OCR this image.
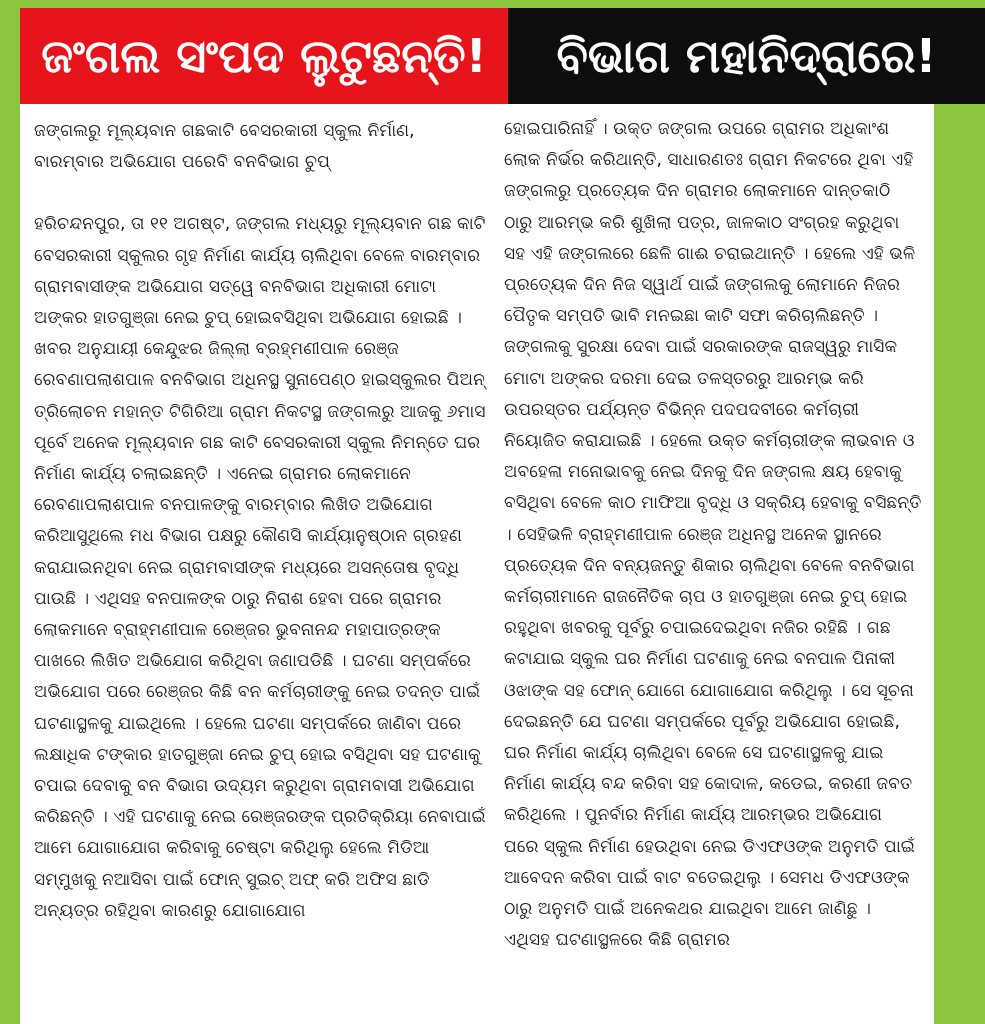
ଜଂଗଲ ସଂପଦ ଲୁଟୁଛନ୍ତି!	ବିଭାଗ ମହାନିଦ୍ରାରେ!

ଜଙ୍ଗଲରୁ ମୂଲ୍ୟବାନ ଗଛକାଟି ବେସରକାରୀ ସ୍କୁଲ ନିର୍ମାଣ, ବାରମ୍ବାର ଅଭିଯୋଗ ପରେବି ବନବିଭାଗ ଚୁପ୍

ହରିଚନ୍ଦନପୁର, ତା ୧୧ ଅଗଷ୍ଟ, ଜଙ୍ଗଲ ମଧ୍ୟରୁ ମୂଲ୍ୟବାନ ଗଛ କାଟି ବେସରକାରୀ ସ୍କୁଲର ଗୃହ ନିର୍ମାଣ କାର୍ଯ୍ୟ ଚାଲିଥିବା ବେଳେ ବାରମ୍ବାର ଗ୍ରାମବାସୀଙ୍କ ଅଭିଯୋଗ ସତ୍ୱେ ବନବିଭାଗ ଅଧିକାରୀ ମୋଟା ଅଙ୍କର ହାତଗୁଞ୍ଜା ନେଇ ଚୁପ୍ ହୋଇବସିଥିବା ଅଭିଯୋଗ ହୋଇଛି । ଖବର ଅନୁଯାୟୀ କେନ୍ଦୁଝର ଜିଲ୍ଲା ବ୍ରହ୍ମଣୀପାଳ ରେଞ୍ଜ ରେବଣାପଲାଶପାଳ ବନବିଭାଗ ଅଧିନସ୍ଥ ସୁନାପେଣ୍ଠ ହାଇସ୍କୁଲର ପିଅନ୍ ତ୍ରିଲୋଚନ ମହାନ୍ତ ଟିଗିରିଆ ଗ୍ରାମ ନିକଟସ୍ଥ ଜଙ୍ଗଲରୁ ଆଜକୁ ୬ମାସ ପୂର୍ବେ ଅନେକ ମୂଲ୍ୟବାନ ଗଛ କାଟି ବେସରକାରୀ ସ୍କୁଲ ନିମନ୍ତେ ଘର ନିର୍ମାଣ କାର୍ଯ୍ୟ ଚଲାଇଛନ୍ତି । ଏନେଇ ଗ୍ରାମର ଲୋକମାନେ ରେବଣାପଲାଶପାଳ ବନପାଳଙ୍କୁ ବାରମ୍ବାର ଲିଖିତ ଅଭିଯୋଗ କରିଆସୁଥିଲେ ମଧ ବିଭାଗ ପକ୍ଷରୁ କୌଣସି କାର୍ଯ୍ୟାନୁଷ୍ଠାନ ଗ୍ରହଣ କରାଯାଇନଥିବା ନେଇ ଗ୍ରାମବାସୀଙ୍କ ମଧ୍ୟରେ ଅସନ୍ତୋଷ ବୃଦ୍ଧି ପାଉଛି । ଏଥିସହ ବନପାଳଙ୍କ ଠାରୁ ନିରାଶ ହେବା ପରେ ଗ୍ରାମର ଲୋକମାନେ ବ୍ରାହ୍ମଣୀପାଳ ରେଞ୍ଜର ଭୁବନାନନ୍ଦ ମହାପାତ୍ରଙ୍କ ପାଖରେ ଲିଖିତ ଅଭିଯୋଗ କରିଥିବା ଜଣାପଡିଛି । ଘଟଣା ସମ୍ପର୍କରେ ଅଭିଯୋଗ ପରେ ରେଞ୍ଜର କିଛି ବନ କର୍ମଚାରୀଙ୍କୁ ନେଇ ତଦନ୍ତ ପାଇଁ ଘଟଣାସ୍ଥଳକୁ ଯାଇଥିଲେ । ହେଲେ ଘଟଣା ସମ୍ପର୍କରେ ଜାଣିବା ପରେ ଲକ୍ଷାଧିକ ଟଙ୍କାର ହାତଗୁଞ୍ଜା ନେଇ ଚୁପ୍ ହୋଇ ବସିଥିବା ସହ ଘଟଣାକୁ ଚପାଇ ଦେବାକୁ ବନ ବିଭାଗ ଉଦ୍ୟମ କରୁଥିବା ଗ୍ରାମବାସୀ ଅଭିଯୋଗ କରିଛନ୍ତି । ଏହି ଘଟଣାକୁ ନେଇ ରେଞ୍ଜରଙ୍କ ପ୍ରତିକ୍ରିୟା ନେବାପାଇଁ ଆମେ ଯୋଗାଯୋଗ କରିବାକୁ ଚେଷ୍ଟା କରିଥିଲୁ ହେଲେ ମିଡିଆ ସମ୍ମୁଖକୁ ନଆସିବା ପାଇଁ ଫୋନ୍ ସୁଇଚ୍ ଅଫ୍ କରି ଅଫିସ ଛାଡି ଅନ୍ୟତ୍ର ରହିଥିବା କାରଣରୁ ଯୋଗାଯୋଗ

ହୋଇପାରିନାହିଁ । ଉକ୍ତ ଜଙ୍ଗଲ ଉପରେ ଗ୍ରାମର ଅଧିକାଂଶ ଲୋକ ନିର୍ଭର କରିଥାନ୍ତି, ସାଧାରଣତଃ ଗ୍ରାମ ନିକଟରେ ଥିବା ଏହି ଜଙ୍ଗଲରୁ ପ୍ରତ୍ୟେକ ଦିନ ଗ୍ରାମର ଲୋକମାନେ ଦାନ୍ତକାଠି ଠାରୁ ଆରମ୍ଭ କରି ଶୁଖିଲା ପତ୍ର, ଜାଳକାଠ ସଂଗ୍ରହ କରୁଥିବା ସହ ଏହି ଜଙ୍ଗଲରେ ଛେଳି ଗାଈ ଚରାଇଥାନ୍ତି । ହେଲେ ଏହି ଭଳି ପ୍ରତ୍ୟେକ ଦିନ ନିଜ ସ୍ୱାର୍ଥ ପାଇଁ ଜଙ୍ଗଲକୁ ଲୋମାନେ ନିଜର ପୈତୃକ ସମ୍ପତି ଭାବି ମନଇଛା କାଟି ସଫା କରିଚାଲିଛନ୍ତି । ଜଙ୍ଗଲକୁ ସୁରକ୍ଷା ଦେବା ପାଇଁ ସରକାରଙ୍କ ରାଜସ୍ୱରୁ ମାସିକ ମୋଟା ଅଙ୍କର ଦରମା ଦେଇ ତଳସ୍ତରରୁ ଆରମ୍ଭ କରି ଉପରସ୍ତର ପର୍ଯ୍ୟନ୍ତ ବିଭିନ୍ନ ପଦପଦବୀରେ କର୍ମଚାରୀ ନିୟୋଜିତ କରାଯାଇଛି । ହେଲେ ଉକ୍ତ କର୍ମଚାରୀଙ୍କ ଲାଭବାନ ଓ ଅବହେଳା ମନୋଭାବକୁ ନେଇ ଦିନକୁ ଦିନ ଜଙ୍ଗଲ କ୍ଷୟ ହେବାକୁ ବସିଥିବା ବେଳେ କାଠ ମାଫିଆ ବୃଦ୍ଧି ଓ ସକ୍ରିୟ ହେବାକୁ ବସିଛନ୍ତି । ସେହିଭଳି ବ୍ରାହ୍ମଣୀପାଳ ରେଞ୍ଜ ଅଧିନସ୍ଥ ଅନେକ ସ୍ଥାନରେ ପ୍ରତ୍ୟେକ ଦିନ ବନ୍ୟଜନ୍ତୁ ଶିକାର ଚାଲିଥିବା ବେଳେ ବନବିଭାଗ କର୍ମଚାରୀମାନେ ରାଜନୈତିକ ଚାପ ଓ ହାତଗୁଞ୍ଜା ନେଇ ଚୁପ୍ ହୋଇ ରହୁଥିବା ଖବରକୁ ପୂର୍ବରୁ ଚପାଇଦେଇଥିବା ନଜିର ରହିଛି । ଗଛ କଟାଯାଇ ସ୍କୁଲ ଘର ନିର୍ମାଣ ଘଟଣାକୁ ନେଇ ବନପାଳ ପିନାକୀ ଓଝାଙ୍କ ସହ ଫୋନ୍ ଯୋଗେ ଯୋଗାଯୋଗ କରିଥିଲୁ । ସେ ସୂଚନା ଦେଇଛନ୍ତି ଯେ ଘଟଣା ସମ୍ପର୍କରେ ପୂର୍ବରୁ ଅଭିଯୋଗ ହୋଇଛି, ଘର ନିର୍ମାଣ କାର୍ଯ୍ୟ ଚାଲିଥିବା ବେଳେ ସେ ଘଟଣାସ୍ଥଳକୁ ଯାଇ ନିର୍ମାଣ କାର୍ଯ୍ୟ ବନ୍ଦ କରିବା ସହ କୋଦାଳ, କଡେଇ, କରଣୀ ଜବତ କରିଥିଲେ । ପୁନର୍ବାର ନିର୍ମାଣ କାର୍ଯ୍ୟ ଆରମ୍ଭର ଅଭିଯୋଗ ପରେ ସ୍କୁଲ ନିର୍ମାଣ ହେଉଥିବା ନେଇ ଡିଏଫଓଙ୍କ ଅନୁମତି ପାଇଁ ଆବେଦନ କରିବା ପାଇଁ ବାଟ ବତେଇଥିଲୁ । ସେମଧ ଡିଏଫଓଙ୍କ ଠାରୁ ଅନୁମତି ପାଇଁ ଅନେକଥର ଯାଇଥିବା ଆମେ ଜାଣିଛୁ । ଏଥିସହ ଘଟଣାସ୍ଥଳରେ କିଛି ଗ୍ରାମର
